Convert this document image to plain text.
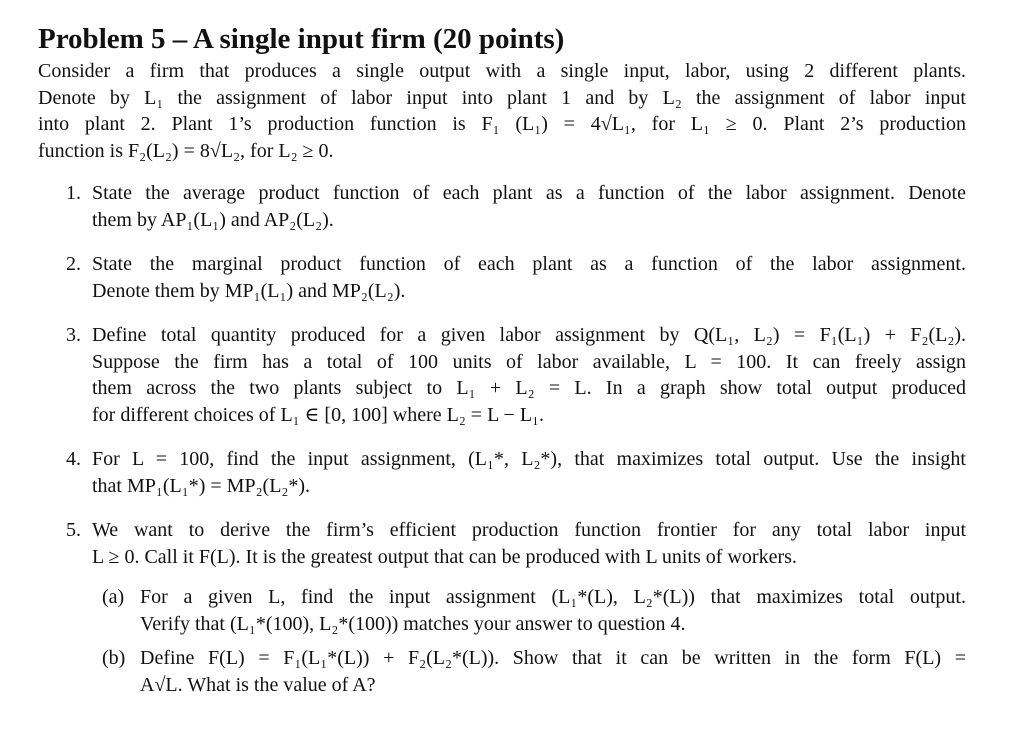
Problem 5 – A single input firm (20 points)

Consider a firm that produces a single output with a single input, labor, using 2 different plants.
Denote by L₁ the assignment of labor input into plant 1 and by L₂ the assignment of labor input
into plant 2. Plant 1’s production function is F₁ (L₁) = 4√L₁, for L₁ ≥ 0. Plant 2’s production
function is F₂(L₂) = 8√L₂, for L₂ ≥ 0.

1. State the average product function of each plant as a function of the labor assignment. Denote
them by AP₁(L₁) and AP₂(L₂).

2. State the marginal product function of each plant as a function of the labor assignment.
Denote them by MP₁(L₁) and MP₂(L₂).

3. Define total quantity produced for a given labor assignment by Q(L₁, L₂) = F₁(L₁) + F₂(L₂).
Suppose the firm has a total of 100 units of labor available, L = 100. It can freely assign
them across the two plants subject to L₁ + L₂ = L. In a graph show total output produced
for different choices of L₁ ∈ [0, 100] where L₂ = L − L₁.

4. For L = 100, find the input assignment, (L₁*, L₂*), that maximizes total output. Use the insight
that MP₁(L₁*) = MP₂(L₂*).

5. We want to derive the firm’s efficient production function frontier for any total labor input
L ≥ 0. Call it F(L). It is the greatest output that can be produced with L units of workers.

(a) For a given L, find the input assignment (L₁*(L), L₂*(L)) that maximizes total output.
Verify that (L₁*(100), L₂*(100)) matches your answer to question 4.

(b) Define F(L) = F₁(L₁*(L)) + F₂(L₂*(L)). Show that it can be written in the form F(L) =
A√L. What is the value of A?
